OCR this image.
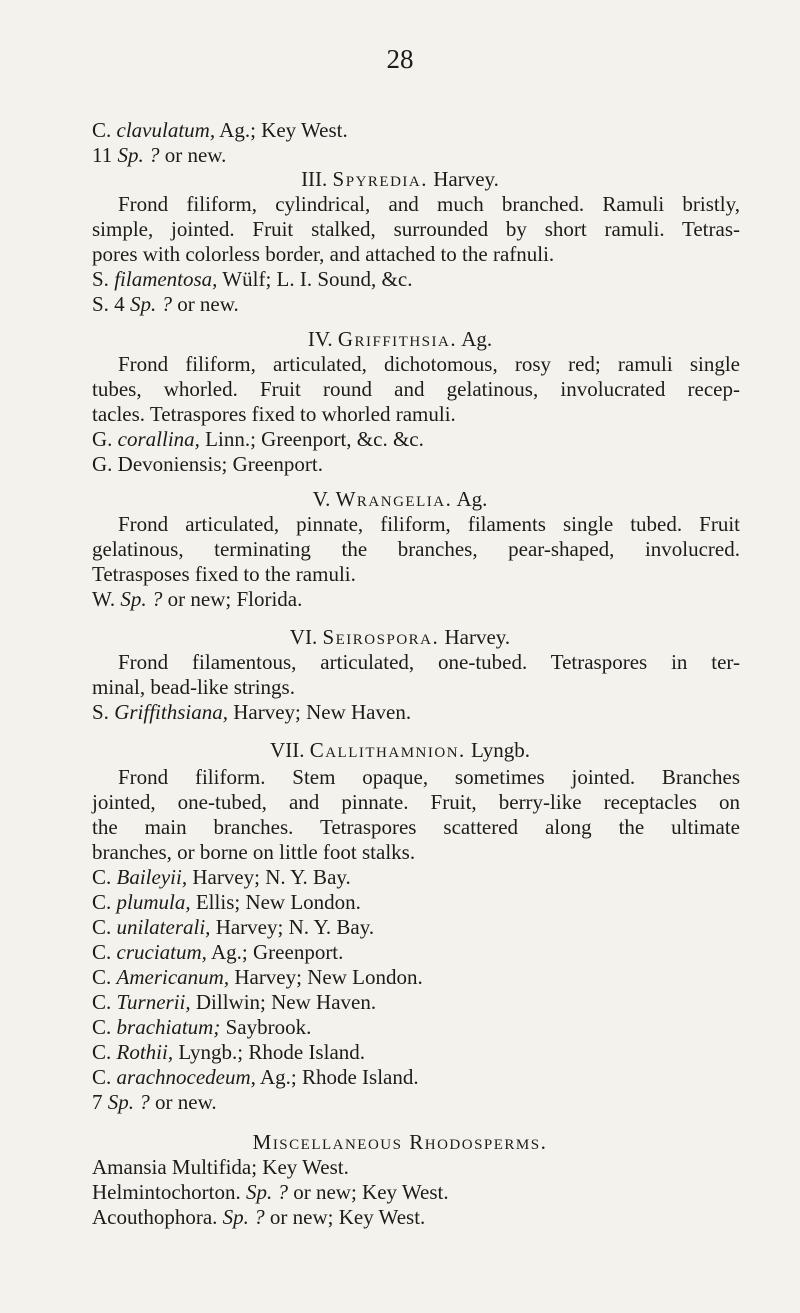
28
C. clavulatum, Ag.; Key West.
11 Sp. ? or new.
III. Spyredia. Harvey.
Frond filiform, cylindrical, and much branched. Ramuli bristly,
simple, jointed. Fruit stalked, surrounded by short ramuli. Tetras-
pores with colorless border, and attached to the rafnuli.
S. filamentosa, Wülf; L. I. Sound, &c.
S. 4 Sp. ? or new.
IV. Griffithsia. Ag.
Frond filiform, articulated, dichotomous, rosy red; ramuli single
tubes, whorled. Fruit round and gelatinous, involucrated recep-
tacles. Tetraspores fixed to whorled ramuli.
G. corallina, Linn.; Greenport, &c. &c.
G. Devoniensis; Greenport.
V. Wrangelia. Ag.
Frond articulated, pinnate, filiform, filaments single tubed. Fruit
gelatinous, terminating the branches, pear-shaped, involucred.
Tetrasposes fixed to the ramuli.
W. Sp. ? or new; Florida.
VI. Seirospora. Harvey.
Frond filamentous, articulated, one-tubed. Tetraspores in ter-
minal, bead-like strings.
S. Griffithsiana, Harvey; New Haven.
VII. Callithamnion. Lyngb.
Frond filiform. Stem opaque, sometimes jointed. Branches
jointed, one-tubed, and pinnate. Fruit, berry-like receptacles on
the main branches. Tetraspores scattered along the ultimate
branches, or borne on little foot stalks.
C. Baileyii, Harvey; N. Y. Bay.
C. plumula, Ellis; New London.
C. unilaterali, Harvey; N. Y. Bay.
C. cruciatum, Ag.; Greenport.
C. Americanum, Harvey; New London.
C. Turnerii, Dillwin; New Haven.
C. brachiatum; Saybrook.
C. Rothii, Lyngb.; Rhode Island.
C. arachnocedeum, Ag.; Rhode Island.
7 Sp. ? or new.
Miscellaneous Rhodosperms.
Amansia Multifida; Key West.
Helmintochorton. Sp. ? or new; Key West.
Acouthophora. Sp. ? or new; Key West.
